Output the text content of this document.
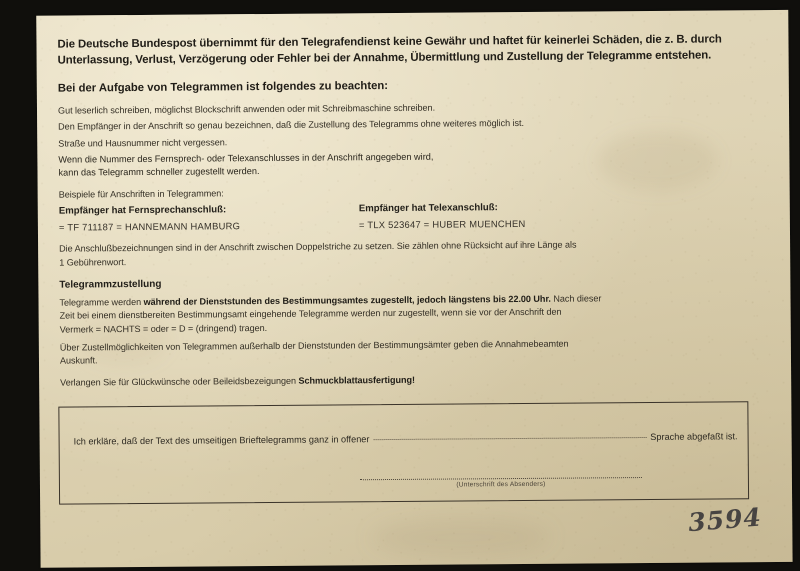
Die Deutsche Bundespost übernimmt für den Telegrafendienst keine Gewähr und haftet für keinerlei Schäden, die z. B. durch Unterlassung, Verlust, Verzögerung oder Fehler bei der Annahme, Übermittlung und Zustellung der Telegramme entstehen.

Bei der Aufgabe von Telegrammen ist folgendes zu beachten:

Gut leserlich schreiben, möglichst Blockschrift anwenden oder mit Schreibmaschine schreiben.

Den Empfänger in der Anschrift so genau bezeichnen, daß die Zustellung des Telegramms ohne weiteres möglich ist.

Straße und Hausnummer nicht vergessen.

Wenn die Nummer des Fernsprech- oder Telexanschlusses in der Anschrift angegeben wird,

kann das Telegramm schneller zugestellt werden.

Beispiele für Anschriften in Telegrammen:

Empfänger hat Fernsprechanschluß:	Empfänger hat Telexanschluß:
= TF 711187 = HANNEMANN HAMBURG	= TLX 523647 = HUBER MUENCHEN

Die Anschlußbezeichnungen sind in der Anschrift zwischen Doppelstriche zu setzen. Sie zählen ohne Rücksicht auf ihre Länge als

1 Gebührenwort.

Telegrammzustellung

Telegramme werden während der Dienststunden des Bestimmungsamtes zugestellt, jedoch längstens bis 22.00 Uhr. Nach dieser

Zeit bei einem dienstbereiten Bestimmungsamt eingehende Telegramme werden nur zugestellt, wenn sie vor der Anschrift den

Vermerk = NACHTS = oder = D = (dringend) tragen.

Über Zustellmöglichkeiten von Telegrammen außerhalb der Dienststunden der Bestimmungsämter geben die Annahmebeamten

Auskunft.

Verlangen Sie für Glückwünsche oder Beileidsbezeigungen Schmuckblattausfertigung!

Ich erkläre, daß der Text des umseitigen Brieftelegramms ganz in offener	Sprache abgefaßt ist.
(Unterschrift des Absenders)
3594
